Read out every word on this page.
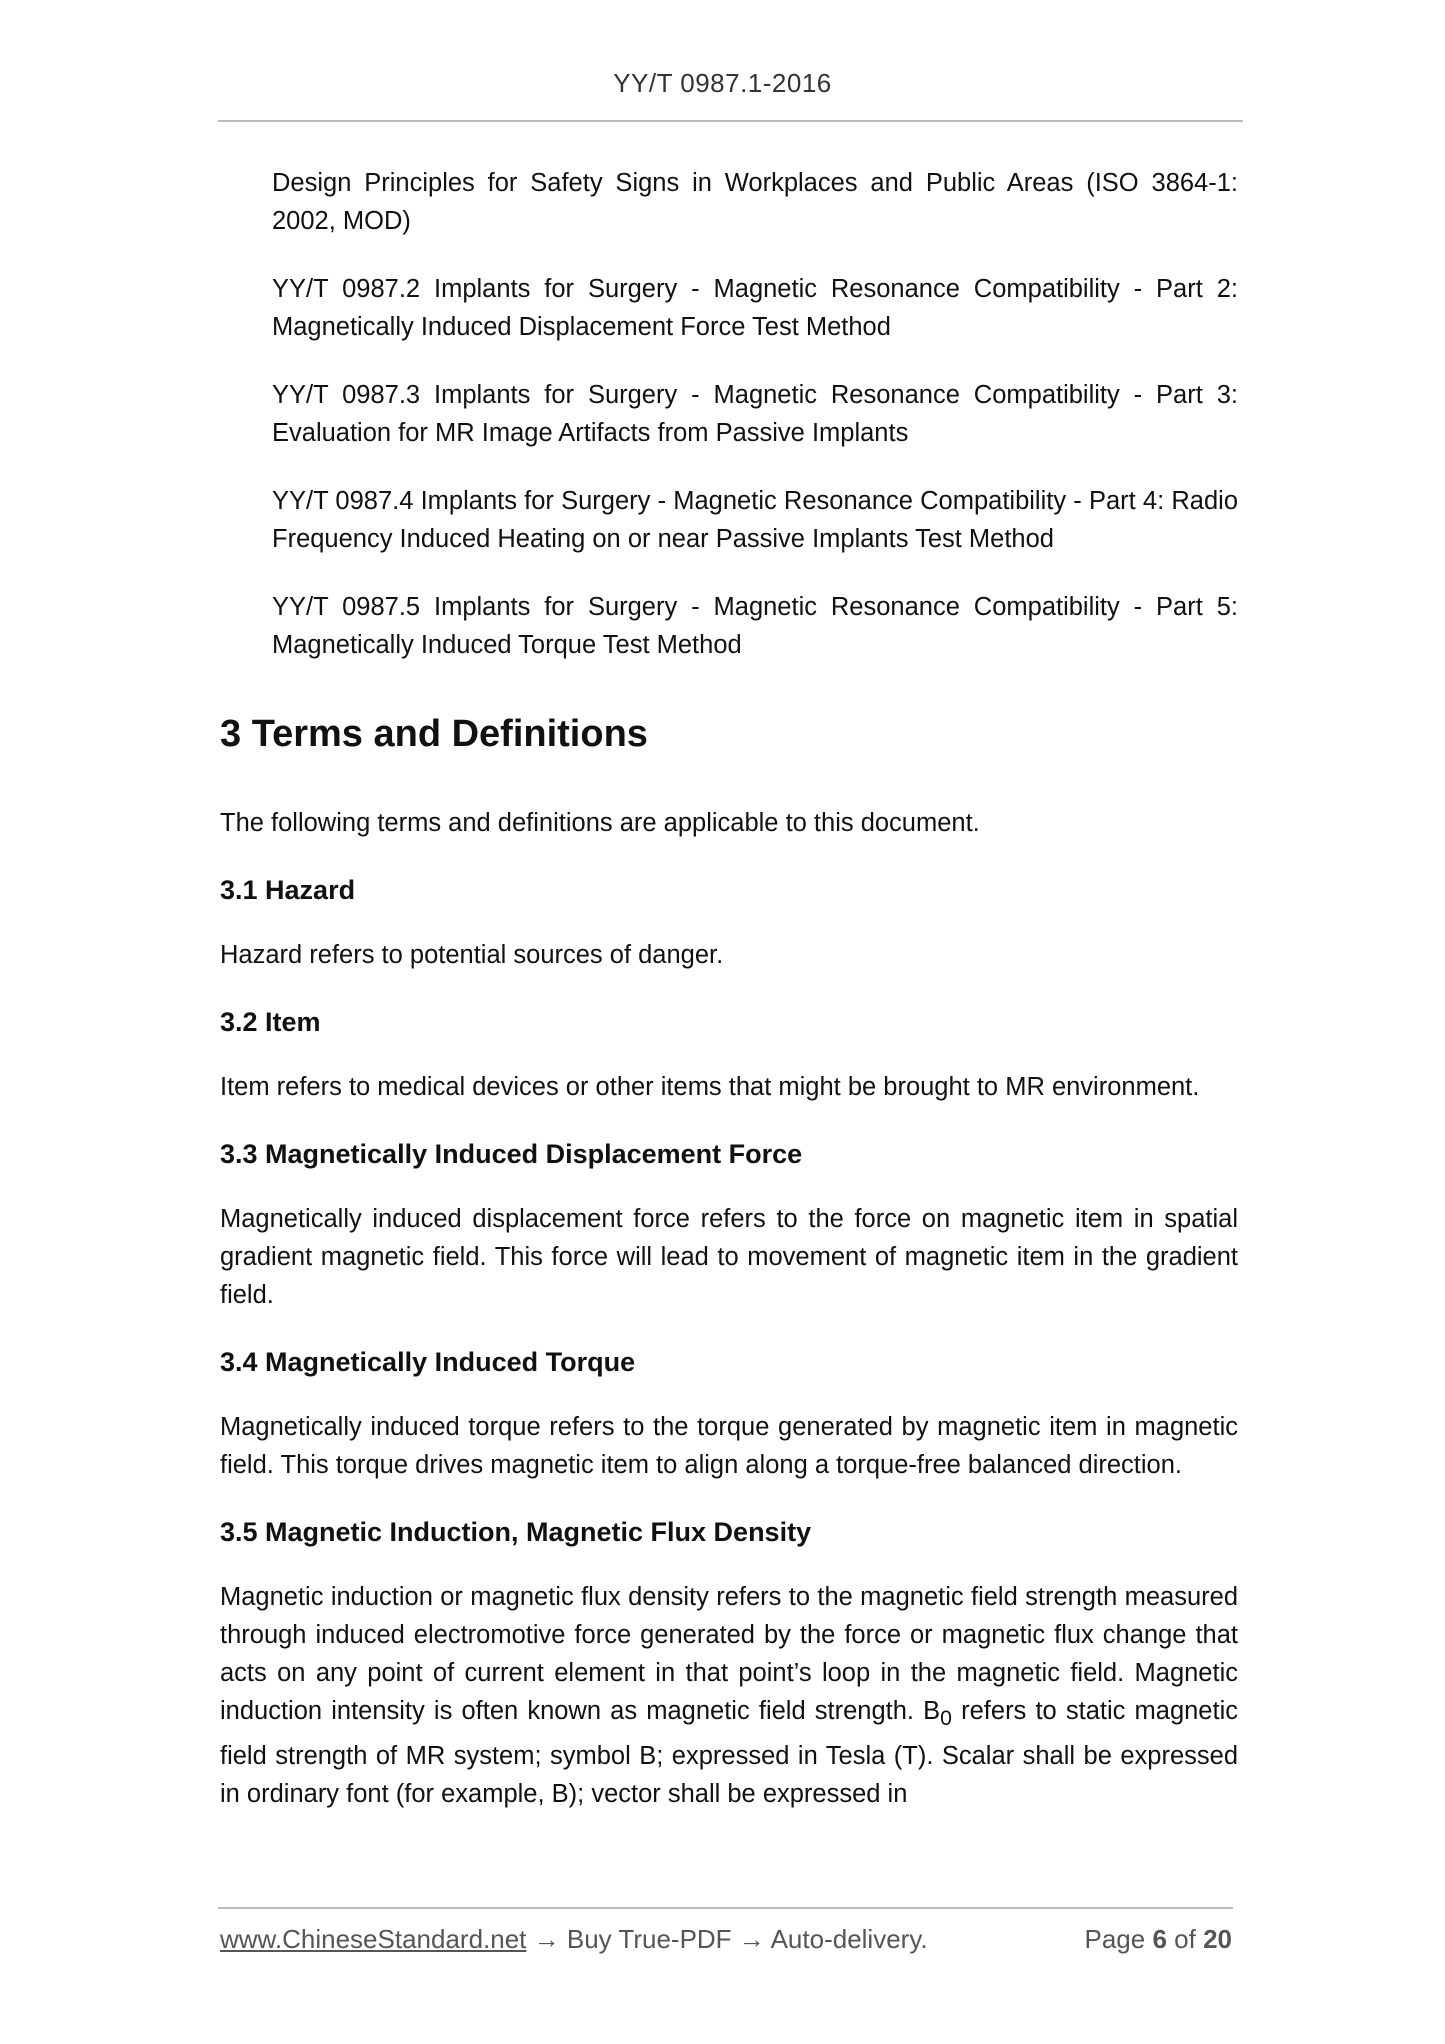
YY/T 0987.1-2016
Design Principles for Safety Signs in Workplaces and Public Areas (ISO 3864-1: 2002, MOD)
YY/T 0987.2 Implants for Surgery - Magnetic Resonance Compatibility - Part 2: Magnetically Induced Displacement Force Test Method
YY/T 0987.3 Implants for Surgery - Magnetic Resonance Compatibility - Part 3: Evaluation for MR Image Artifacts from Passive Implants
YY/T 0987.4 Implants for Surgery - Magnetic Resonance Compatibility - Part 4: Radio Frequency Induced Heating on or near Passive Implants Test Method
YY/T 0987.5 Implants for Surgery - Magnetic Resonance Compatibility - Part 5: Magnetically Induced Torque Test Method
3 Terms and Definitions
The following terms and definitions are applicable to this document.
3.1 Hazard
Hazard refers to potential sources of danger.
3.2 Item
Item refers to medical devices or other items that might be brought to MR environment.
3.3 Magnetically Induced Displacement Force
Magnetically induced displacement force refers to the force on magnetic item in spatial gradient magnetic field. This force will lead to movement of magnetic item in the gradient field.
3.4 Magnetically Induced Torque
Magnetically induced torque refers to the torque generated by magnetic item in magnetic field. This torque drives magnetic item to align along a torque-free balanced direction.
3.5 Magnetic Induction, Magnetic Flux Density
Magnetic induction or magnetic flux density refers to the magnetic field strength measured through induced electromotive force generated by the force or magnetic flux change that acts on any point of current element in that point’s loop in the magnetic field. Magnetic induction intensity is often known as magnetic field strength. $B_0$ refers to static magnetic field strength of MR system; symbol B; expressed in Tesla (T). Scalar shall be expressed in ordinary font (for example, B); vector shall be expressed in
www.ChineseStandard.net → Buy True-PDF → Auto-delivery.	Page 6 of 20
